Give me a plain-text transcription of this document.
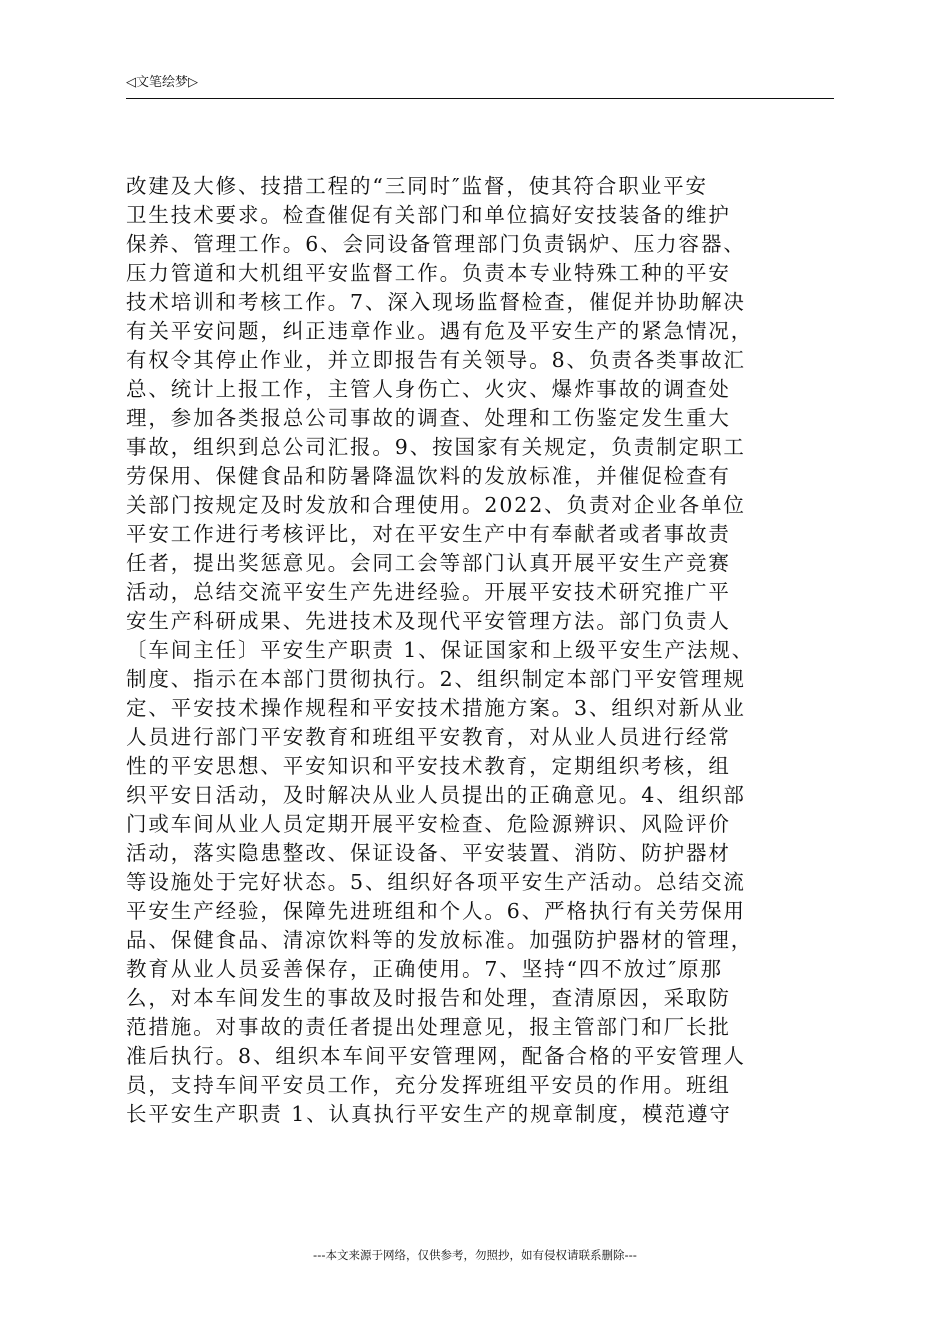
◁文笔绘梦▷
改建及大修、技措工程的“三同时″监督，使其符合职业平安
卫生技术要求。检查催促有关部门和单位搞好安技装备的维护
保养、管理工作。6、会同设备管理部门负责锅炉、压力容器、
压力管道和大机组平安监督工作。负责本专业特殊工种的平安
技术培训和考核工作。7、深入现场监督检查，催促并协助解决
有关平安问题，纠正违章作业。遇有危及平安生产的紧急情况，
有权令其停止作业，并立即报告有关领导。8、负责各类事故汇
总、统计上报工作，主管人身伤亡、火灾、爆炸事故的调查处
理，参加各类报总公司事故的调查、处理和工伤鉴定发生重大
事故，组织到总公司汇报。9、按国家有关规定，负责制定职工
劳保用、保健食品和防暑降温饮料的发放标准，并催促检查有
关部门按规定及时发放和合理使用。2022、负责对企业各单位
平安工作进行考核评比，对在平安生产中有奉献者或者事故责
任者，提出奖惩意见。会同工会等部门认真开展平安生产竞赛
活动，总结交流平安生产先进经验。开展平安技术研究推广平
安生产科研成果、先进技术及现代平安管理方法。部门负责人
〔车间主任〕平安生产职责 1、保证国家和上级平安生产法规、
制度、指示在本部门贯彻执行。2、组织制定本部门平安管理规
定、平安技术操作规程和平安技术措施方案。3、组织对新从业
人员进行部门平安教育和班组平安教育，对从业人员进行经常
性的平安思想、平安知识和平安技术教育，定期组织考核，组
织平安日活动，及时解决从业人员提出的正确意见。4、组织部
门或车间从业人员定期开展平安检查、危险源辨识、风险评价
活动，落实隐患整改、保证设备、平安装置、消防、防护器材
等设施处于完好状态。5、组织好各项平安生产活动。总结交流
平安生产经验，保障先进班组和个人。6、严格执行有关劳保用
品、保健食品、清凉饮料等的发放标准。加强防护器材的管理，
教育从业人员妥善保存，正确使用。7、坚持“四不放过″原那
么，对本车间发生的事故及时报告和处理，查清原因，采取防
范措施。对事故的责任者提出处理意见，报主管部门和厂长批
准后执行。8、组织本车间平安管理网，配备合格的平安管理人
员，支持车间平安员工作，充分发挥班组平安员的作用。班组
长平安生产职责 1、认真执行平安生产的规章制度，模范遵守
---本文来源于网络，仅供参考，勿照抄，如有侵权请联系删除---
